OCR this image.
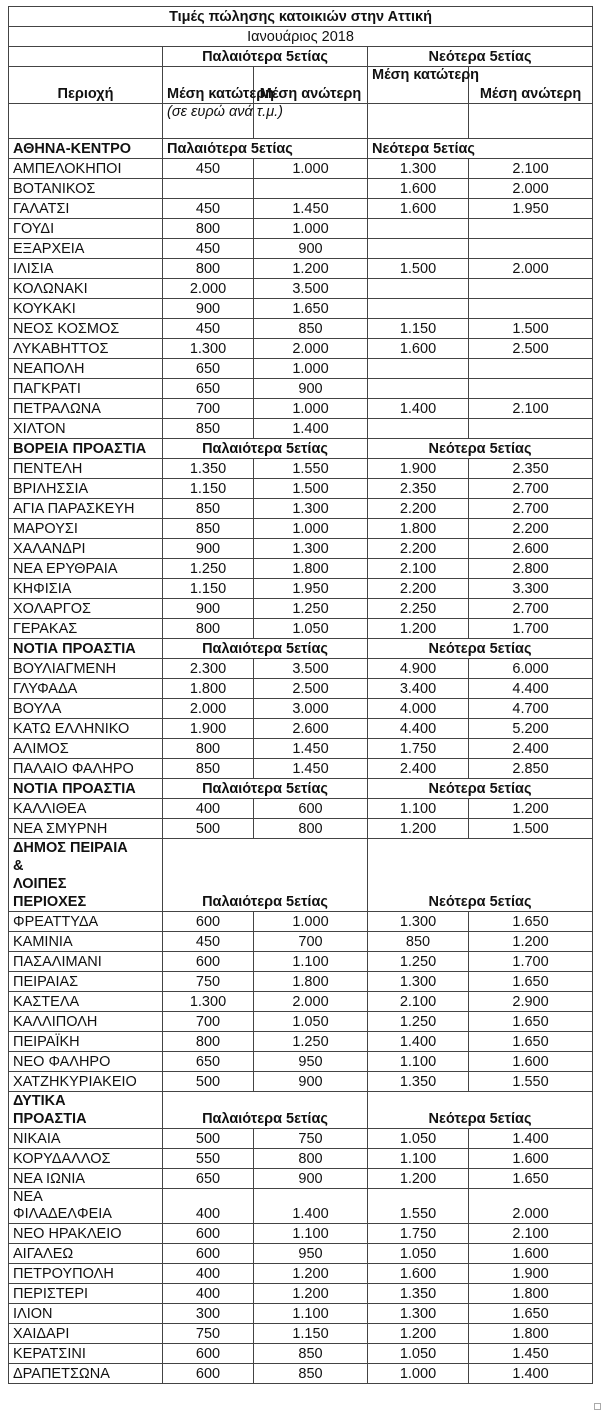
Τιμές πώλησης κατοικιών στην Αττική				
Ιανουάριος 2018				
	Παλαιότερα 5ετίας		Νεότερα 5ετίας	
Περιοχή	Μέση κατώτερη	Μέση ανώτερη	Μέση κατώτερη	Μέση ανώτερη
	(σε ευρώ ανά τ.μ.)			
ΑΘΗΝΑ-ΚΕΝΤΡΟ	Παλαιότερα 5ετίας		Νεότερα 5ετίας	
ΑΜΠΕΛΟΚΗΠΟΙ	450	1.000	1.300	2.100
ΒΟΤΑΝΙΚΟΣ			1.600	2.000
ΓΑΛΑΤΣΙ	450	1.450	1.600	1.950
ΓΟΥΔΙ	800	1.000		
ΕΞΑΡΧΕΙΑ	450	900		
ΙΛΙΣΙΑ	800	1.200	1.500	2.000
ΚΟΛΩΝΑΚΙ	2.000	3.500		
ΚΟΥΚΑΚΙ	900	1.650		
ΝΕΟΣ ΚΟΣΜΟΣ	450	850	1.150	1.500
ΛΥΚΑΒΗΤΤΟΣ	1.300	2.000	1.600	2.500
ΝΕΑΠΟΛΗ	650	1.000		
ΠΑΓΚΡΑΤΙ	650	900		
ΠΕΤΡΑΛΩΝΑ	700	1.000	1.400	2.100
ΧΙΛΤΟΝ	850	1.400		
ΒΟΡΕΙΑ ΠΡΟΑΣΤΙΑ	Παλαιότερα 5ετίας		Νεότερα 5ετίας	
ΠΕΝΤΕΛΗ	1.350	1.550	1.900	2.350
ΒΡΙΛΗΣΣΙΑ	1.150	1.500	2.350	2.700
ΑΓΙΑ ΠΑΡΑΣΚΕΥΗ	850	1.300	2.200	2.700
ΜΑΡΟΥΣΙ	850	1.000	1.800	2.200
ΧΑΛΑΝΔΡΙ	900	1.300	2.200	2.600
ΝΕΑ ΕΡΥΘΡΑΙΑ	1.250	1.800	2.100	2.800
ΚΗΦΙΣΙΑ	1.150	1.950	2.200	3.300
ΧΟΛΑΡΓΟΣ	900	1.250	2.250	2.700
ΓΕΡΑΚΑΣ	800	1.050	1.200	1.700
ΝΟΤΙΑ ΠΡΟΑΣΤΙΑ	Παλαιότερα 5ετίας		Νεότερα 5ετίας	
ΒΟΥΛΙΑΓΜΕΝΗ	2.300	3.500	4.900	6.000
ΓΛΥΦΑΔΑ	1.800	2.500	3.400	4.400
ΒΟΥΛΑ	2.000	3.000	4.000	4.700
ΚΑΤΩ ΕΛΛΗΝΙΚΟ	1.900	2.600	4.400	5.200
ΑΛΙΜΟΣ	800	1.450	1.750	2.400
ΠΑΛΑΙΟ ΦΑΛΗΡΟ	850	1.450	2.400	2.850
ΝΟΤΙΑ ΠΡΟΑΣΤΙΑ	Παλαιότερα 5ετίας		Νεότερα 5ετίας	
ΚΑΛΛΙΘΕΑ	400	600	1.100	1.200
ΝΕΑ ΣΜΥΡΝΗ	500	800	1.200	1.500

ΔΗΜΟΣ ΠΕΙΡΑΙΑ
&
ΛΟΙΠΕΣ
ΠΕΡΙΟΧΕΣ	Παλαιότερα 5ετίας		Νεότερα 5ετίας	
ΦΡΕΑΤΤΥΔΑ	600	1.000	1.300	1.650
ΚΑΜΙΝΙΑ	450	700	850	1.200
ΠΑΣΑΛΙΜΑΝΙ	600	1.100	1.250	1.700
ΠΕΙΡΑΙΑΣ	750	1.800	1.300	1.650
ΚΑΣΤΕΛΑ	1.300	2.000	2.100	2.900
ΚΑΛΛΙΠΟΛΗ	700	1.050	1.250	1.650
ΠΕΙΡΑΪΚΗ	800	1.250	1.400	1.650
ΝΕΟ ΦΑΛΗΡΟ	650	950	1.100	1.600
ΧΑΤΖΗΚΥΡΙΑΚΕΙΟ	500	900	1.350	1.550

ΔΥΤΙΚΑ
ΠΡΟΑΣΤΙΑ	Παλαιότερα 5ετίας		Νεότερα 5ετίας	
ΝΙΚΑΙΑ	500	750	1.050	1.400
ΚΟΡΥΔΑΛΛΟΣ	550	800	1.100	1.600
ΝΕΑ ΙΩΝΙΑ	650	900	1.200	1.650

ΝΕΑ
ΦΙΛΑΔΕΛΦΕΙΑ	400	1.400	1.550	2.000
ΝΕΟ ΗΡΑΚΛΕΙΟ	600	1.100	1.750	2.100
ΑΙΓΑΛΕΩ	600	950	1.050	1.600
ΠΕΤΡΟΥΠΟΛΗ	400	1.200	1.600	1.900
ΠΕΡΙΣΤΕΡΙ	400	1.200	1.350	1.800
ΙΛΙΟΝ	300	1.100	1.300	1.650
ΧΑΙΔΑΡΙ	750	1.150	1.200	1.800
ΚΕΡΑΤΣΙΝΙ	600	850	1.050	1.450
ΔΡΑΠΕΤΣΩΝΑ	600	850	1.000	1.400
